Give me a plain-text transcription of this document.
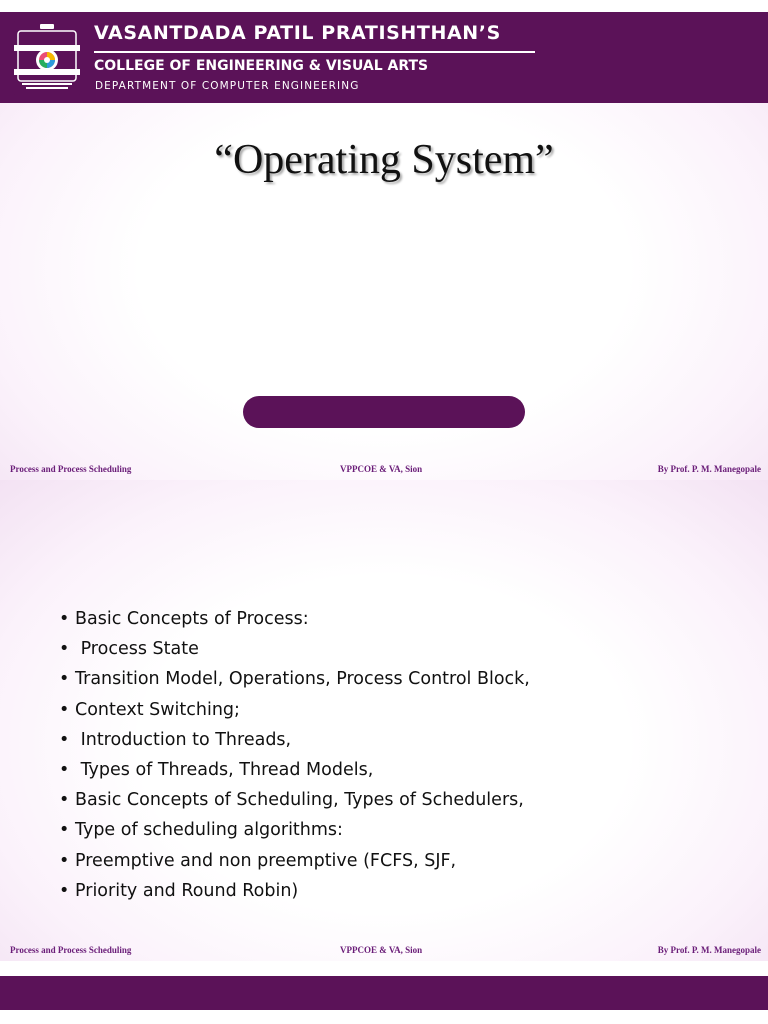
VASANTDADA PATIL PRATISHTHAN’S
COLLEGE OF ENGINEERING & VISUAL ARTS
DEPARTMENT OF COMPUTER ENGINEERING
“Operating System”
Process and Process Scheduling	VPPCOE & VA, Sion	By Prof. P. M. Manegopale
• Basic Concepts of Process:
• Process State
• Transition Model, Operations, Process Control Block,
• Context Switching;
• Introduction to Threads,
• Types of Threads, Thread Models,
• Basic Concepts of Scheduling, Types of Schedulers,
• Type of scheduling algorithms:
• Preemptive and non preemptive (FCFS, SJF,
• Priority and Round Robin)
Process and Process Scheduling	VPPCOE & VA, Sion	By Prof. P. M. Manegopale
